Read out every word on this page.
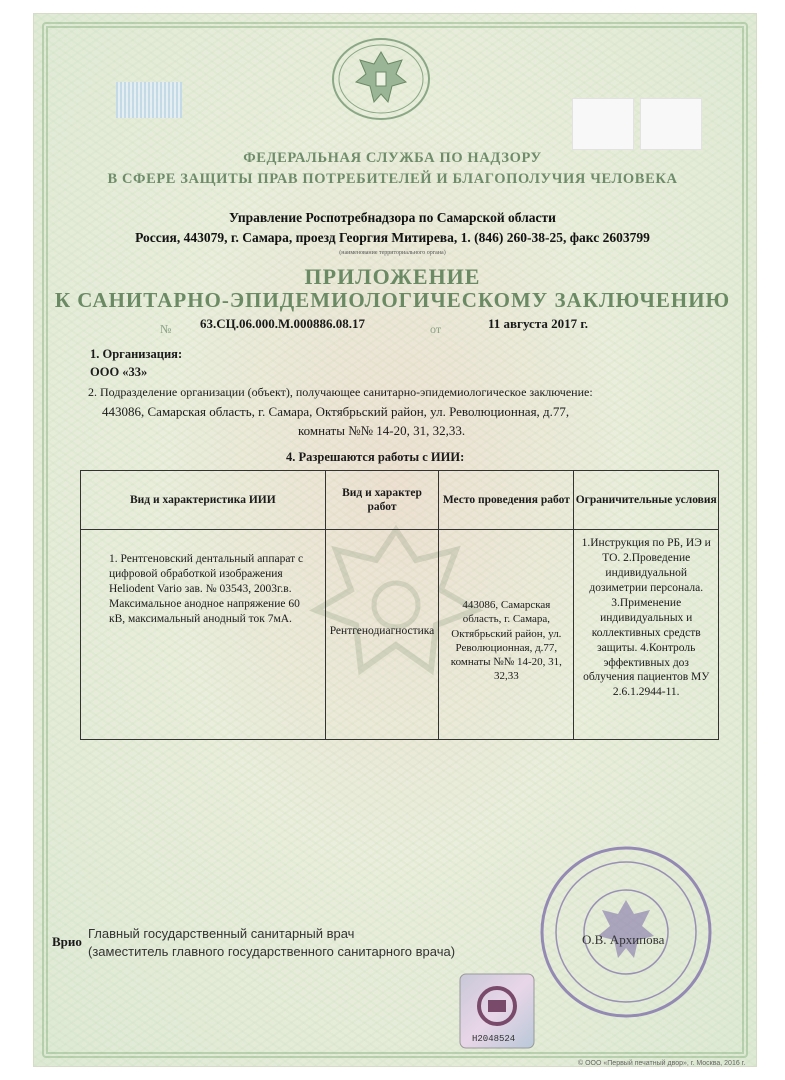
ФЕДЕРАЛЬНАЯ СЛУЖБА ПО НАДЗОРУ
В СФЕРЕ ЗАЩИТЫ ПРАВ ПОТРЕБИТЕЛЕЙ И БЛАГОПОЛУЧИЯ ЧЕЛОВЕКА
Управление Роспотребнадзора по Самарской области
Россия, 443079, г. Самара, проезд Георгия Митирева, 1. (846) 260-38-25, факс 2603799
(наименование территориального органа)
ПРИЛОЖЕНИЕ
К САНИТАРНО-ЭПИДЕМИОЛОГИЧЕСКОМУ ЗАКЛЮЧЕНИЮ
№ 63.СЦ.06.000.М.000886.08.17	от	11 августа 2017 г.
1. Организация:
ООО «33»
2. Подразделение организации (объект), получающее санитарно-эпидемиологическое заключение:
443086, Самарская область, г. Самара, Октябрьский район, ул. Революционная, д.77,
комнаты №№ 14-20, 31, 32,33.
4. Разрешаются работы с ИИИ:
Вид и характеристика ИИИ	Вид и характер работ	Место проведения работ	Ограничительные условия
1. Рентгеновский дентальный аппарат с цифровой обработкой изображения Heliodent Vario зав. № 03543, 2003г.в. Максимальное анодное напряжение 60 кВ, максимальный анодный ток 7мА.	Рентгенодиагностика	443086, Самарская область, г. Самара, Октябрьский район, ул. Революционная, д.77, комнаты №№ 14-20, 31, 32,33	1.Инструкция по РБ, ИЭ и ТО. 2.Проведение индивидуальной дозиметрии персонала. 3.Применение индивидуальных и коллективных средств защиты. 4.Контроль эффективных доз облучения пациентов МУ 2.6.1.2944-11.
Врио
Главный государственный санитарный врач
(заместитель главного государственного санитарного врача)
О.В. Архипова
Н2048524
© ООО «Первый печатный двор», г. Москва, 2016 г.
